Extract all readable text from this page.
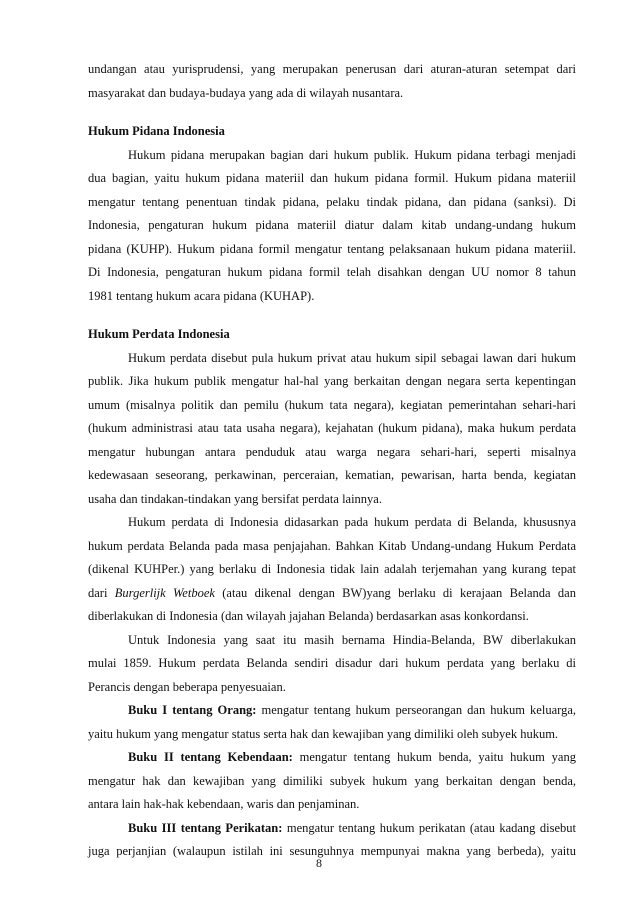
undangan atau yurisprudensi, yang merupakan penerusan dari aturan-aturan setempat dari
masyarakat dan budaya-budaya yang ada di wilayah nusantara.
Hukum Pidana Indonesia
Hukum pidana merupakan bagian dari hukum publik. Hukum pidana terbagi menjadi
dua bagian, yaitu hukum pidana materiil dan hukum pidana formil. Hukum pidana materiil
mengatur tentang penentuan tindak pidana, pelaku tindak pidana, dan pidana (sanksi). Di
Indonesia, pengaturan hukum pidana materiil diatur dalam kitab undang-undang hukum
pidana (KUHP). Hukum pidana formil mengatur tentang pelaksanaan hukum pidana materiil.
Di Indonesia, pengaturan hukum pidana formil telah disahkan dengan UU nomor 8 tahun
1981 tentang hukum acara pidana (KUHAP).
Hukum Perdata Indonesia
Hukum perdata disebut pula hukum privat atau hukum sipil sebagai lawan dari hukum
publik. Jika hukum publik mengatur hal-hal yang berkaitan dengan negara serta kepentingan
umum (misalnya politik dan pemilu (hukum tata negara), kegiatan pemerintahan sehari-hari
(hukum administrasi atau tata usaha negara), kejahatan (hukum pidana), maka hukum perdata
mengatur hubungan antara penduduk atau warga negara sehari-hari, seperti misalnya
kedewasaan seseorang, perkawinan, perceraian, kematian, pewarisan, harta benda, kegiatan
usaha dan tindakan-tindakan yang bersifat perdata lainnya.
Hukum perdata di Indonesia didasarkan pada hukum perdata di Belanda, khususnya
hukum perdata Belanda pada masa penjajahan. Bahkan Kitab Undang-undang Hukum Perdata
(dikenal KUHPer.) yang berlaku di Indonesia tidak lain adalah terjemahan yang kurang tepat
dari Burgerlijk Wetboek (atau dikenal dengan BW)yang berlaku di kerajaan Belanda dan
diberlakukan di Indonesia (dan wilayah jajahan Belanda) berdasarkan asas konkordansi.
Untuk Indonesia yang saat itu masih bernama Hindia-Belanda, BW diberlakukan
mulai 1859. Hukum perdata Belanda sendiri disadur dari hukum perdata yang berlaku di
Perancis dengan beberapa penyesuaian.
Buku I tentang Orang: mengatur tentang hukum perseorangan dan hukum keluarga,
yaitu hukum yang mengatur status serta hak dan kewajiban yang dimiliki oleh subyek hukum.
Buku II tentang Kebendaan: mengatur tentang hukum benda, yaitu hukum yang
mengatur hak dan kewajiban yang dimiliki subyek hukum yang berkaitan dengan benda,
antara lain hak-hak kebendaan, waris dan penjaminan.
Buku III tentang Perikatan: mengatur tentang hukum perikatan (atau kadang disebut
juga perjanjian (walaupun istilah ini sesunguhnya mempunyai makna yang berbeda), yaitu
8
